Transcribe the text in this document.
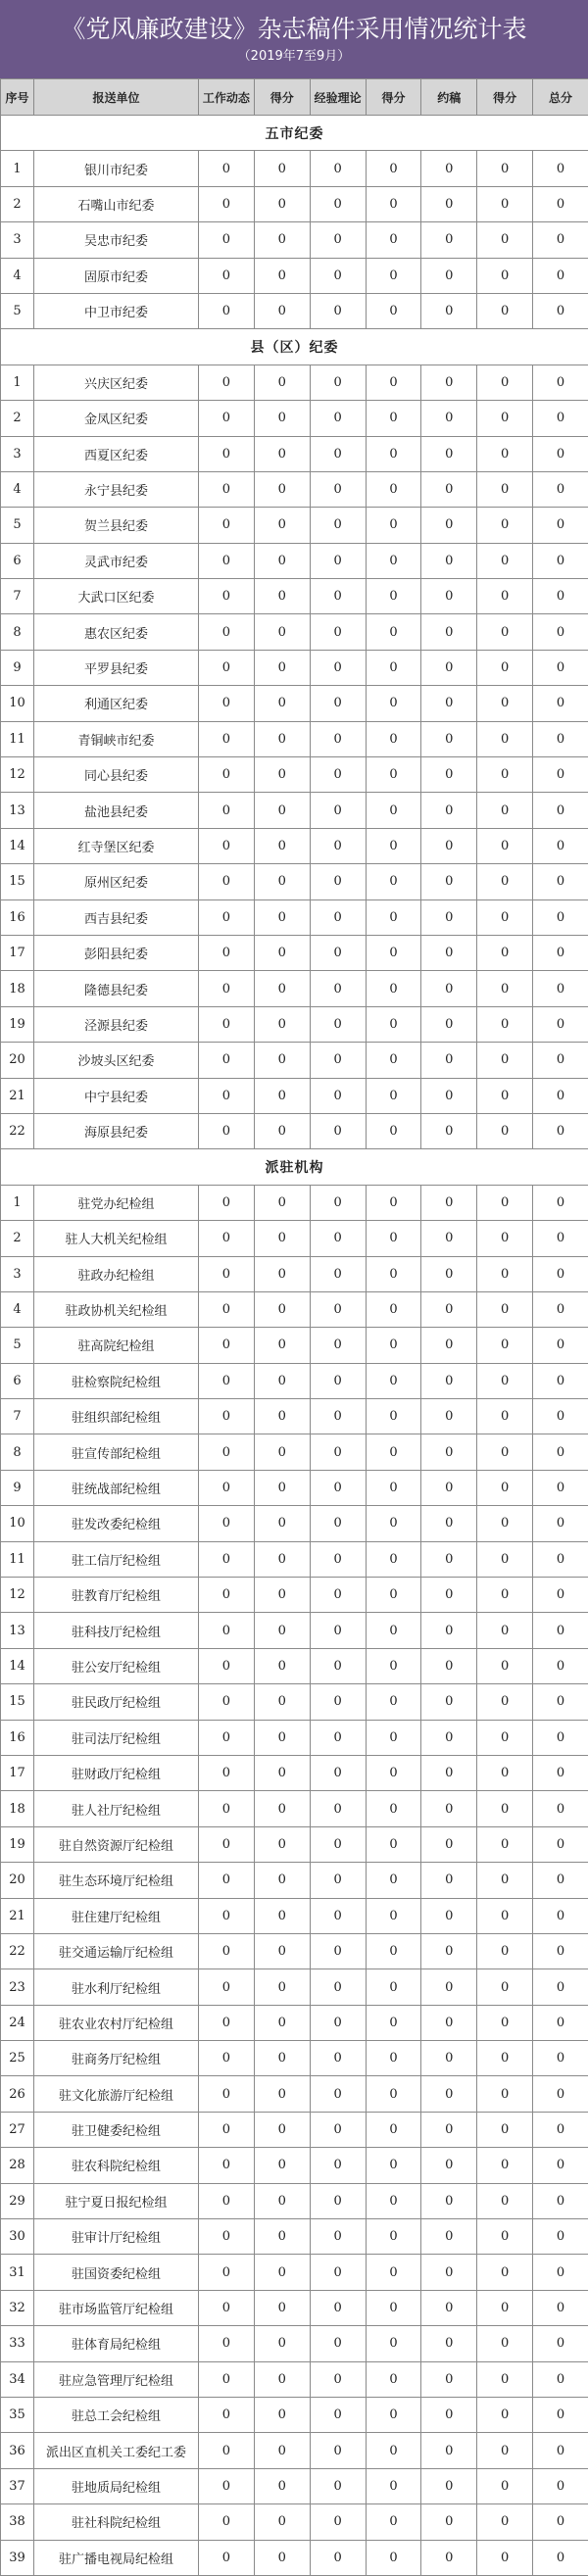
《党风廉政建设》杂志稿件采用情况统计表
（2019年7至9月）
序号	报送单位	工作动态	得分	经验理论	得分	约稿	得分	总分
五市纪委								
1	银川市纪委	0	0	0	0	0	0	0
2	石嘴山市纪委	0	0	0	0	0	0	0
3	吴忠市纪委	0	0	0	0	0	0	0
4	固原市纪委	0	0	0	0	0	0	0
5	中卫市纪委	0	0	0	0	0	0	0
县（区）纪委								
1	兴庆区纪委	0	0	0	0	0	0	0
2	金凤区纪委	0	0	0	0	0	0	0
3	西夏区纪委	0	0	0	0	0	0	0
4	永宁县纪委	0	0	0	0	0	0	0
5	贺兰县纪委	0	0	0	0	0	0	0
6	灵武市纪委	0	0	0	0	0	0	0
7	大武口区纪委	0	0	0	0	0	0	0
8	惠农区纪委	0	0	0	0	0	0	0
9	平罗县纪委	0	0	0	0	0	0	0
10	利通区纪委	0	0	0	0	0	0	0
11	青铜峡市纪委	0	0	0	0	0	0	0
12	同心县纪委	0	0	0	0	0	0	0
13	盐池县纪委	0	0	0	0	0	0	0
14	红寺堡区纪委	0	0	0	0	0	0	0
15	原州区纪委	0	0	0	0	0	0	0
16	西吉县纪委	0	0	0	0	0	0	0
17	彭阳县纪委	0	0	0	0	0	0	0
18	隆德县纪委	0	0	0	0	0	0	0
19	泾源县纪委	0	0	0	0	0	0	0
20	沙坡头区纪委	0	0	0	0	0	0	0
21	中宁县纪委	0	0	0	0	0	0	0
22	海原县纪委	0	0	0	0	0	0	0
派驻机构								
1	驻党办纪检组	0	0	0	0	0	0	0
2	驻人大机关纪检组	0	0	0	0	0	0	0
3	驻政办纪检组	0	0	0	0	0	0	0
4	驻政协机关纪检组	0	0	0	0	0	0	0
5	驻高院纪检组	0	0	0	0	0	0	0
6	驻检察院纪检组	0	0	0	0	0	0	0
7	驻组织部纪检组	0	0	0	0	0	0	0
8	驻宣传部纪检组	0	0	0	0	0	0	0
9	驻统战部纪检组	0	0	0	0	0	0	0
10	驻发改委纪检组	0	0	0	0	0	0	0
11	驻工信厅纪检组	0	0	0	0	0	0	0
12	驻教育厅纪检组	0	0	0	0	0	0	0
13	驻科技厅纪检组	0	0	0	0	0	0	0
14	驻公安厅纪检组	0	0	0	0	0	0	0
15	驻民政厅纪检组	0	0	0	0	0	0	0
16	驻司法厅纪检组	0	0	0	0	0	0	0
17	驻财政厅纪检组	0	0	0	0	0	0	0
18	驻人社厅纪检组	0	0	0	0	0	0	0
19	驻自然资源厅纪检组	0	0	0	0	0	0	0
20	驻生态环境厅纪检组	0	0	0	0	0	0	0
21	驻住建厅纪检组	0	0	0	0	0	0	0
22	驻交通运输厅纪检组	0	0	0	0	0	0	0
23	驻水利厅纪检组	0	0	0	0	0	0	0
24	驻农业农村厅纪检组	0	0	0	0	0	0	0
25	驻商务厅纪检组	0	0	0	0	0	0	0
26	驻文化旅游厅纪检组	0	0	0	0	0	0	0
27	驻卫健委纪检组	0	0	0	0	0	0	0
28	驻农科院纪检组	0	0	0	0	0	0	0
29	驻宁夏日报纪检组	0	0	0	0	0	0	0
30	驻审计厅纪检组	0	0	0	0	0	0	0
31	驻国资委纪检组	0	0	0	0	0	0	0
32	驻市场监管厅纪检组	0	0	0	0	0	0	0
33	驻体育局纪检组	0	0	0	0	0	0	0
34	驻应急管理厅纪检组	0	0	0	0	0	0	0
35	驻总工会纪检组	0	0	0	0	0	0	0
36	派出区直机关工委纪工委	0	0	0	0	0	0	0
37	驻地质局纪检组	0	0	0	0	0	0	0
38	驻社科院纪检组	0	0	0	0	0	0	0
39	驻广播电视局纪检组	0	0	0	0	0	0	0
